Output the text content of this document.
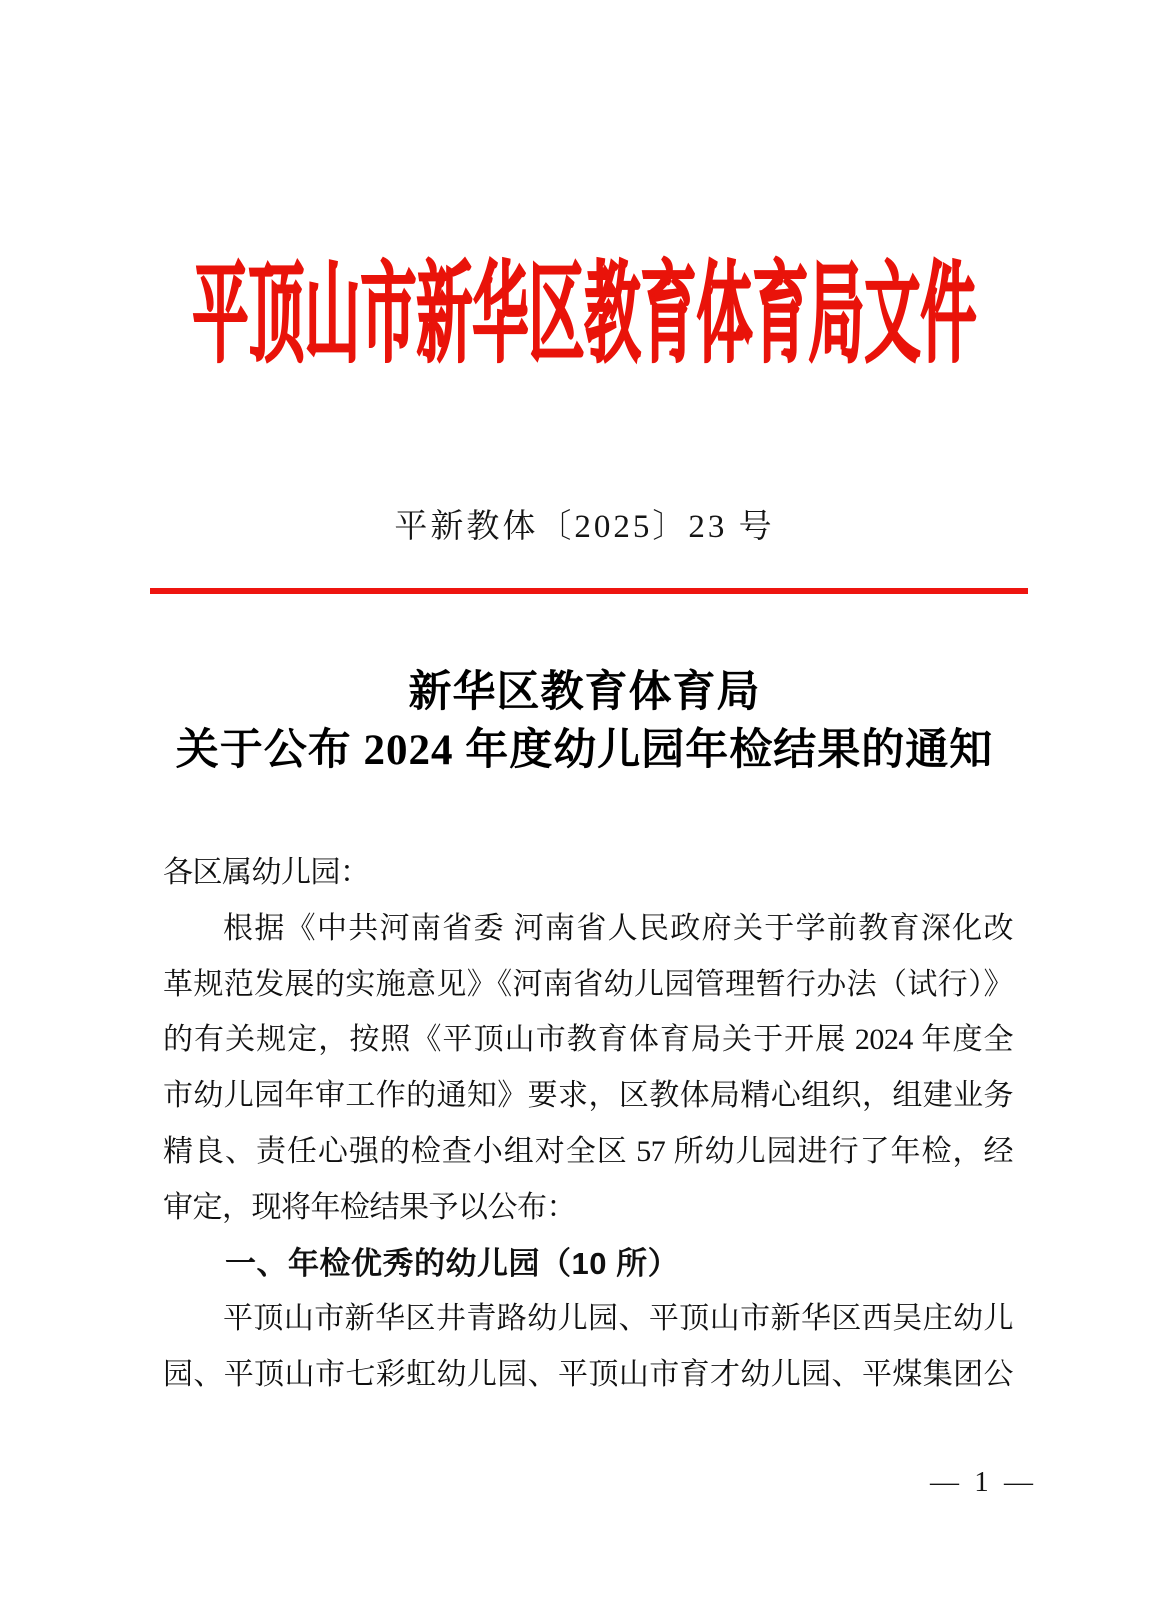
平顶山市新华区教育体育局文件
平新教体〔2025〕23 号
新华区教育体育局
关于公布 2024 年度幼儿园年检结果的通知
各区属幼儿园：
根据《中共河南省委 河南省人民政府关于学前教育深化改
革规范发展的实施意见》《河南省幼儿园管理暂行办法（试行）》
的有关规定，按照《平顶山市教育体育局关于开展 2024 年度全
市幼儿园年审工作的通知》要求，区教体局精心组织，组建业务
精良、责任心强的检查小组对全区 57 所幼儿园进行了年检，经
审定，现将年检结果予以公布：
一、年检优秀的幼儿园（10 所）
平顶山市新华区井青路幼儿园、平顶山市新华区西吴庄幼儿
园、平顶山市七彩虹幼儿园、平顶山市育才幼儿园、平煤集团公
— 1 —
